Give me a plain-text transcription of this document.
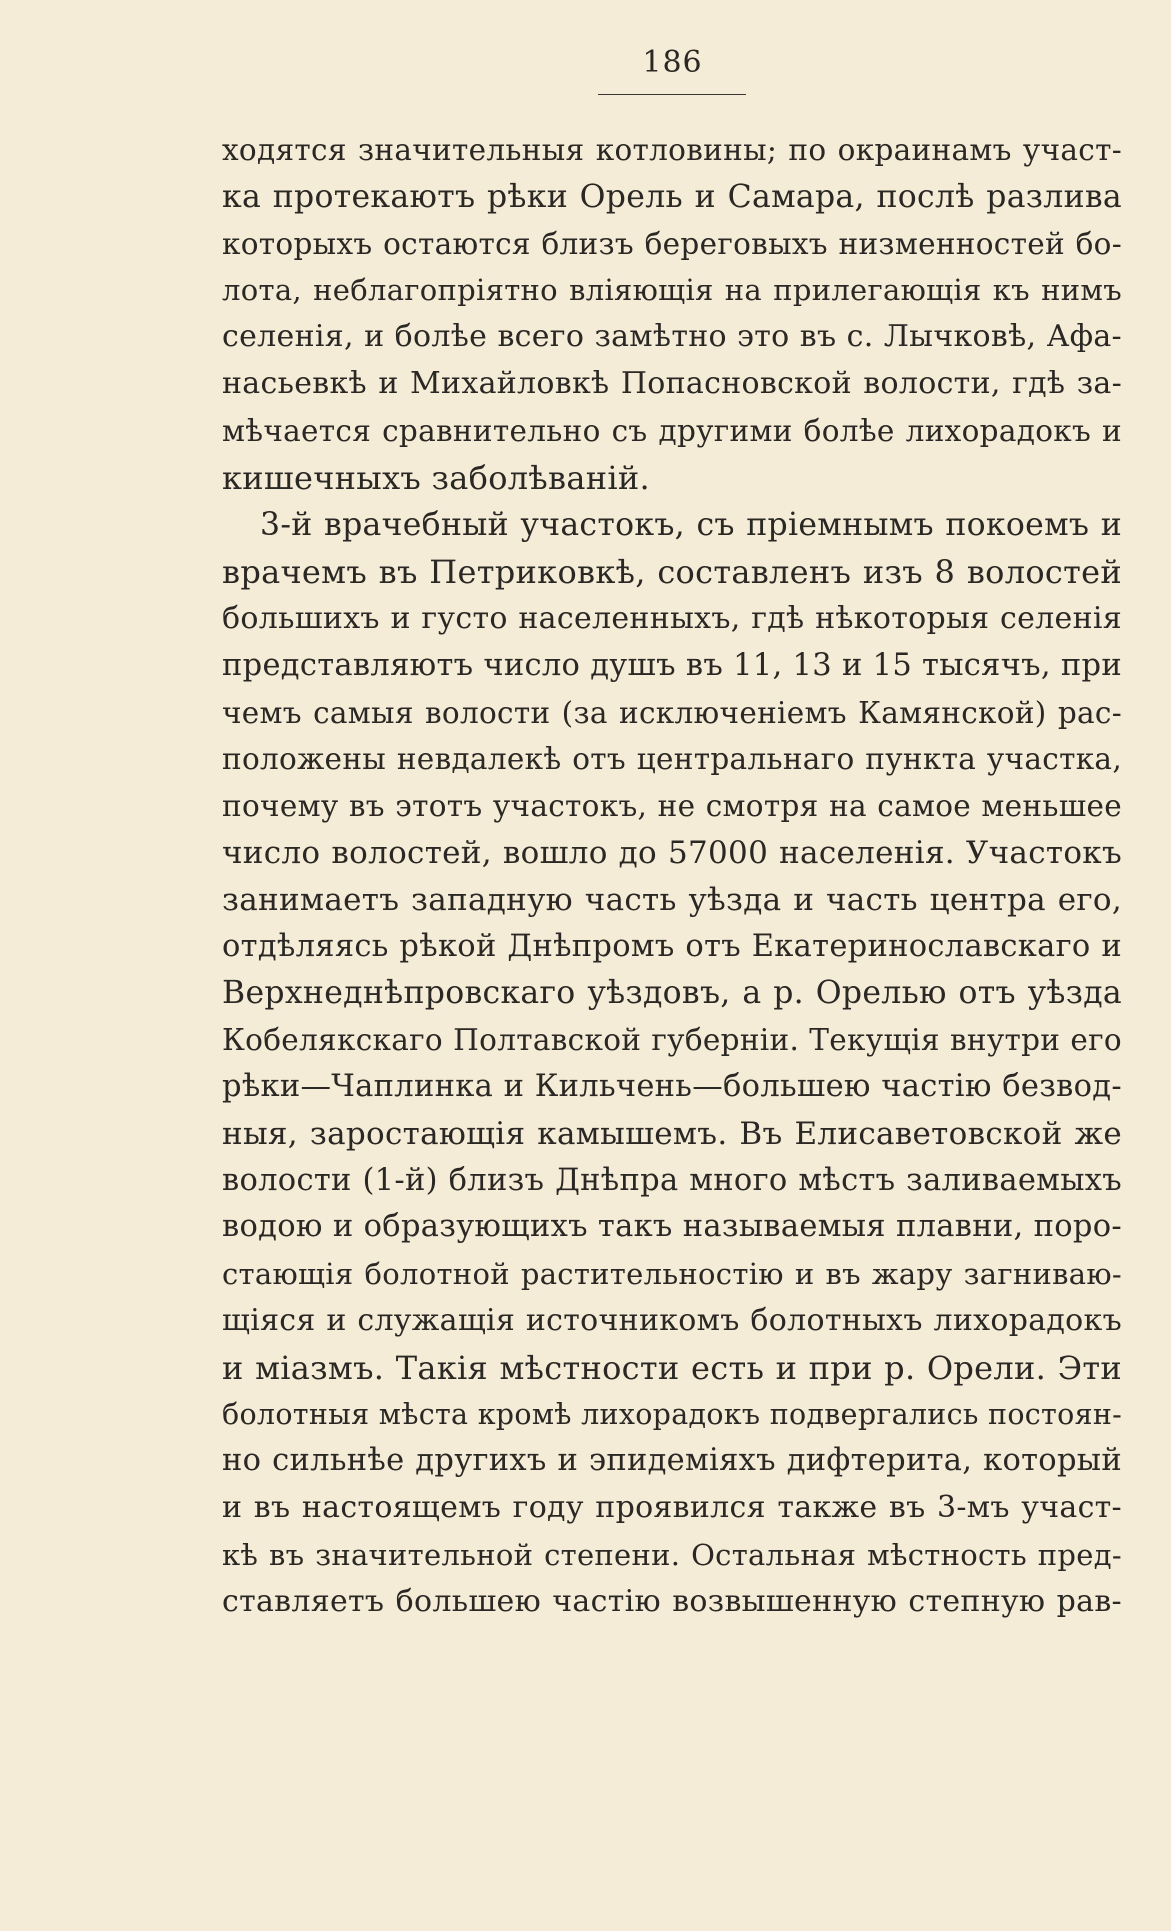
186
ходятся значительныя котловины; по окраинамъ участ-
ка протекаютъ рѣки Орель и Самара, послѣ разлива
которыхъ остаются близъ береговыхъ низменностей бо-
лота, неблагопріятно вліяющія на прилегающія къ нимъ
селенія, и болѣе всего замѣтно это въ с. Лычковѣ, Афа-
насьевкѣ и Михайловкѣ Попасновской волости, гдѣ за-
мѣчается сравнительно съ другими болѣе лихорадокъ и
кишечныхъ заболѣваній.
3-й врачебный участокъ, съ пріемнымъ покоемъ и
врачемъ въ Петриковкѣ, составленъ изъ 8 волостей
большихъ и густо населенныхъ, гдѣ нѣкоторыя селенія
представляютъ число душъ въ 11, 13 и 15 тысячъ, при
чемъ самыя волости (за исключеніемъ Камянской) рас-
положены невдалекѣ отъ центральнаго пункта участка,
почему въ этотъ участокъ, не смотря на самое меньшее
число волостей, вошло до 57000 населенія. Участокъ
занимаетъ западную часть уѣзда и часть центра его,
отдѣляясь рѣкой Днѣпромъ отъ Екатеринославскаго и
Верхнеднѣпровскаго уѣздовъ, а р. Орелью отъ уѣзда
Кобелякскаго Полтавской губерніи. Текущія внутри его
рѣки—Чаплинка и Кильчень—большею частію безвод-
ныя, заростающія камышемъ. Въ Елисаветовской же
волости (1-й) близъ Днѣпра много мѣстъ заливаемыхъ
водою и образующихъ такъ называемыя плавни, поро-
стающія болотной растительностію и въ жару загниваю-
щіяся и служащія источникомъ болотныхъ лихорадокъ
и міазмъ. Такія мѣстности есть и при р. Орели. Эти
болотныя мѣста кромѣ лихорадокъ подвергались постоян-
но сильнѣе другихъ и эпидеміяхъ дифтерита, который
и въ настоящемъ году проявился также въ 3-мъ участ-
кѣ въ значительной степени. Остальная мѣстность пред-
ставляетъ большею частію возвышенную степную рав-
